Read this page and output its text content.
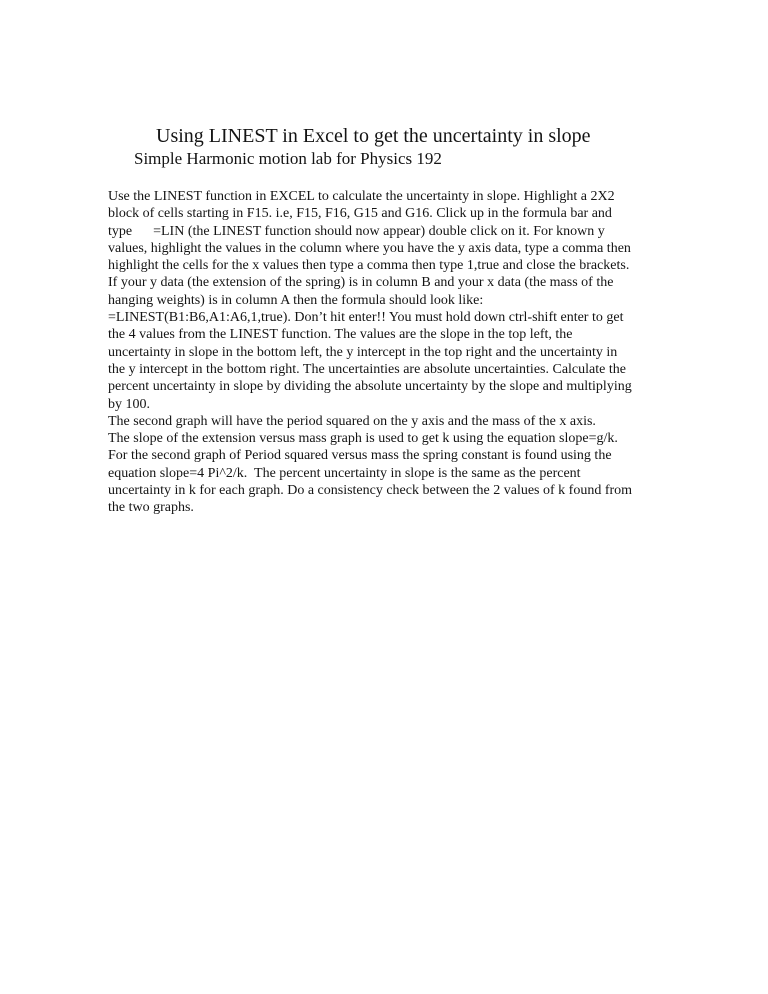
Using LINEST in Excel to get the uncertainty in slope
Simple Harmonic motion lab for Physics 192
Use the LINEST function in EXCEL to calculate the uncertainty in slope. Highlight a 2X2
block of cells starting in F15. i.e, F15, F16, G15 and G16. Click up in the formula bar and
type      =LIN (the LINEST function should now appear) double click on it. For known y
values, highlight the values in the column where you have the y axis data, type a comma then
highlight the cells for the x values then type a comma then type 1,true and close the brackets.
If your y data (the extension of the spring) is in column B and your x data (the mass of the
hanging weights) is in column A then the formula should look like:
=LINEST(B1:B6,A1:A6,1,true). Don’t hit enter!! You must hold down ctrl-shift enter to get
the 4 values from the LINEST function. The values are the slope in the top left, the
uncertainty in slope in the bottom left, the y intercept in the top right and the uncertainty in
the y intercept in the bottom right. The uncertainties are absolute uncertainties. Calculate the
percent uncertainty in slope by dividing the absolute uncertainty by the slope and multiplying
by 100.
The second graph will have the period squared on the y axis and the mass of the x axis.
The slope of the extension versus mass graph is used to get k using the equation slope=g/k.
For the second graph of Period squared versus mass the spring constant is found using the
equation slope=4 Pi^2/k.  The percent uncertainty in slope is the same as the percent
uncertainty in k for each graph. Do a consistency check between the 2 values of k found from
the two graphs.
